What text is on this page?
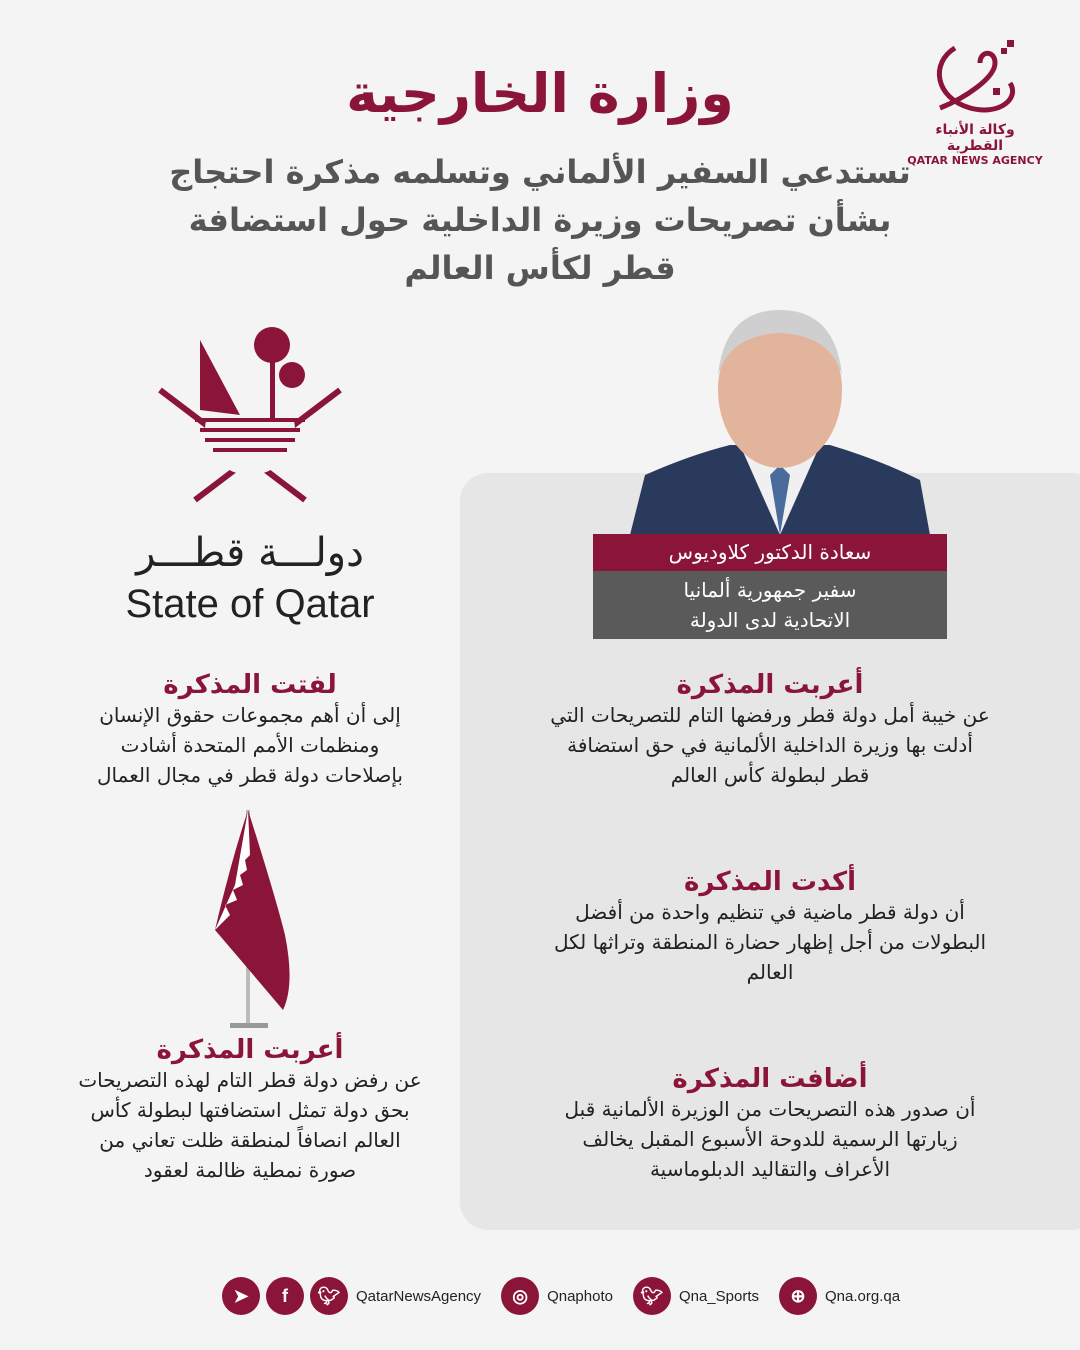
وكالة الأنباء القطرية
QATAR NEWS AGENCY
وزارة الخارجية
تستدعي السفير الألماني وتسلمه مذكرة احتجاج
بشأن تصريحات وزيرة الداخلية حول استضافة
قطر لكأس العالم
سعادة الدكتور كلاوديوس
سفير جمهورية ألمانيا
الاتحادية لدى الدولة
دولـــة قطـــر
State of Qatar
أعربت المذكرة
عن خيبة أمل دولة قطر ورفضها التام للتصريحات التي
أدلت بها وزيرة الداخلية الألمانية في حق استضافة
قطر لبطولة كأس العالم
أكدت المذكرة
أن دولة قطر ماضية في تنظيم واحدة من أفضل
البطولات من أجل إظهار حضارة المنطقة وتراثها لكل
العالم
أضافت المذكرة
أن صدور هذه التصريحات من الوزيرة الألمانية قبل
زيارتها الرسمية للدوحة الأسبوع المقبل يخالف
الأعراف والتقاليد الدبلوماسية
لفتت المذكرة
إلى أن أهم مجموعات حقوق الإنسان
ومنظمات الأمم المتحدة أشادت
بإصلاحات دولة قطر في مجال العمال
أعربت المذكرة
عن رفض دولة قطر التام لهذه التصريحات
بحق دولة تمثل استضافتها لبطولة كأس
العالم انصافاً لمنطقة ظلت تعاني من
صورة نمطية ظالمة لعقود
➤	f	🐦︎	QatarNewsAgency	◎	Qnaphoto	🐦︎	Qna_Sports	⊕	Qna.org.qa
